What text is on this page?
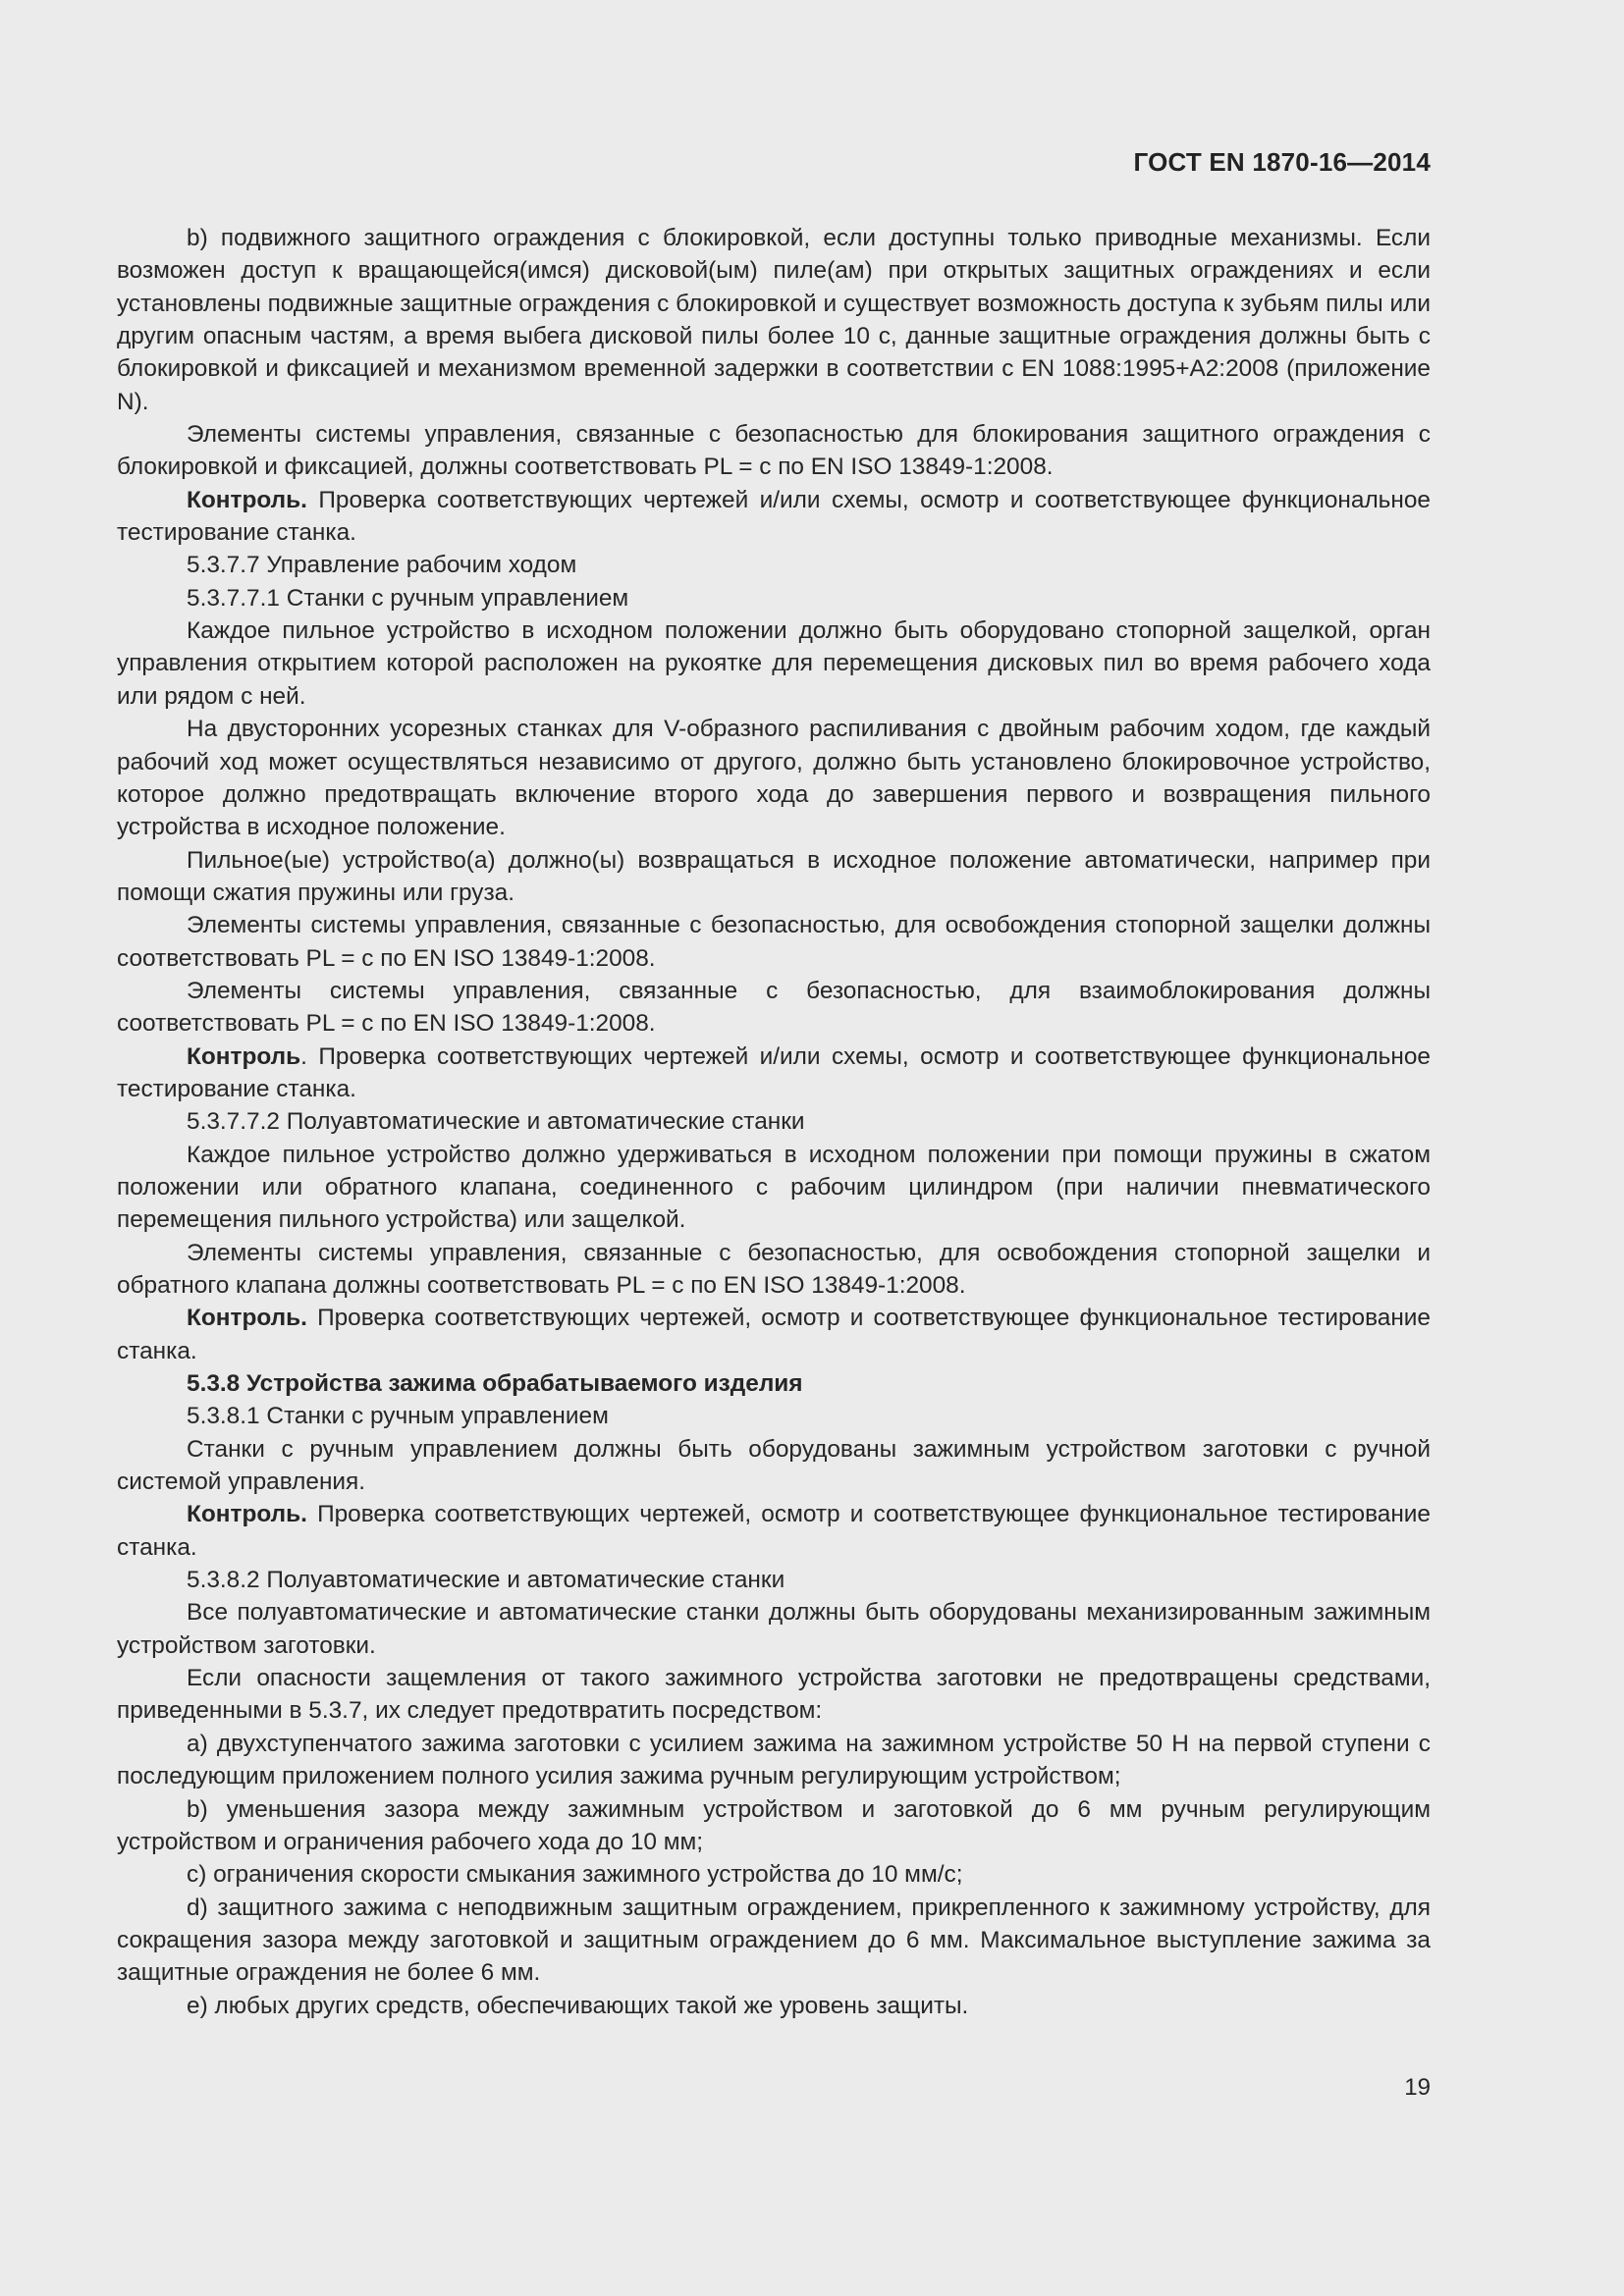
ГОСТ EN 1870-16—2014

b) подвижного защитного ограждения с блокировкой, если доступны только приводные механизмы. Если возможен доступ к вращающейся(имся) дисковой(ым) пиле(ам) при открытых защитных ограждениях и если установлены подвижные защитные ограждения с блокировкой и существует возможность доступа к зубьям пилы или другим опасным частям, а время выбега дисковой пилы более 10 с, данные защитные ограждения должны быть с блокировкой и фиксацией и механизмом временной задержки в соответствии с EN 1088:1995+А2:2008 (приложение N).

Элементы системы управления, связанные с безопасностью для блокирования защитного ограждения с блокировкой и фиксацией, должны соответствовать PL = с по EN ISO 13849-1:2008.

Контроль. Проверка соответствующих чертежей и/или схемы, осмотр и соответствующее функциональное тестирование станка.

5.3.7.7 Управление рабочим ходом

5.3.7.7.1 Станки с ручным управлением

Каждое пильное устройство в исходном положении должно быть оборудовано стопорной защелкой, орган управления открытием которой расположен на рукоятке для перемещения дисковых пил во время рабочего хода или рядом с ней.

На двусторонних усорезных станках для V-образного распиливания с двойным рабочим ходом, где каждый рабочий ход может осуществляться независимо от другого, должно быть установлено блокировочное устройство, которое должно предотвращать включение второго хода до завершения первого и возвращения пильного устройства в исходное положение.

Пильное(ые) устройство(а) должно(ы) возвращаться в исходное положение автоматически, например при помощи сжатия пружины или груза.

Элементы системы управления, связанные с безопасностью, для освобождения стопорной защелки должны соответствовать PL = с по EN ISO 13849-1:2008.

Элементы системы управления, связанные с безопасностью, для взаимоблокирования должны соответствовать PL = с по EN ISO 13849-1:2008.

Контроль. Проверка соответствующих чертежей и/или схемы, осмотр и соответствующее функциональное тестирование станка.

5.3.7.7.2 Полуавтоматические и автоматические станки

Каждое пильное устройство должно удерживаться в исходном положении при помощи пружины в сжатом положении или обратного клапана, соединенного с рабочим цилиндром (при наличии пневматического перемещения пильного устройства) или защелкой.

Элементы системы управления, связанные с безопасностью, для освобождения стопорной защелки и обратного клапана должны соответствовать PL = с по EN ISO 13849-1:2008.

Контроль. Проверка соответствующих чертежей, осмотр и соответствующее функциональное тестирование станка.

5.3.8 Устройства зажима обрабатываемого изделия

5.3.8.1 Станки с ручным управлением

Станки с ручным управлением должны быть оборудованы зажимным устройством заготовки с ручной системой управления.

Контроль. Проверка соответствующих чертежей, осмотр и соответствующее функциональное тестирование станка.

5.3.8.2 Полуавтоматические и автоматические станки

Все полуавтоматические и автоматические станки должны быть оборудованы механизированным зажимным устройством заготовки.

Если опасности защемления от такого зажимного устройства заготовки не предотвращены средствами, приведенными в 5.3.7, их следует предотвратить посредством:

a) двухступенчатого зажима заготовки с усилием зажима на зажимном устройстве 50 Н на первой ступени с последующим приложением полного усилия зажима ручным регулирующим устройством;

b) уменьшения зазора между зажимным устройством и заготовкой до 6 мм ручным регулирующим устройством и ограничения рабочего хода до 10 мм;

c) ограничения скорости смыкания зажимного устройства до 10 мм/с;

d) защитного зажима с неподвижным защитным ограждением, прикрепленного к зажимному устройству, для сокращения зазора между заготовкой и защитным ограждением до 6 мм. Максимальное выступление зажима за защитные ограждения не более 6 мм.

e) любых других средств, обеспечивающих такой же уровень защиты.

19
